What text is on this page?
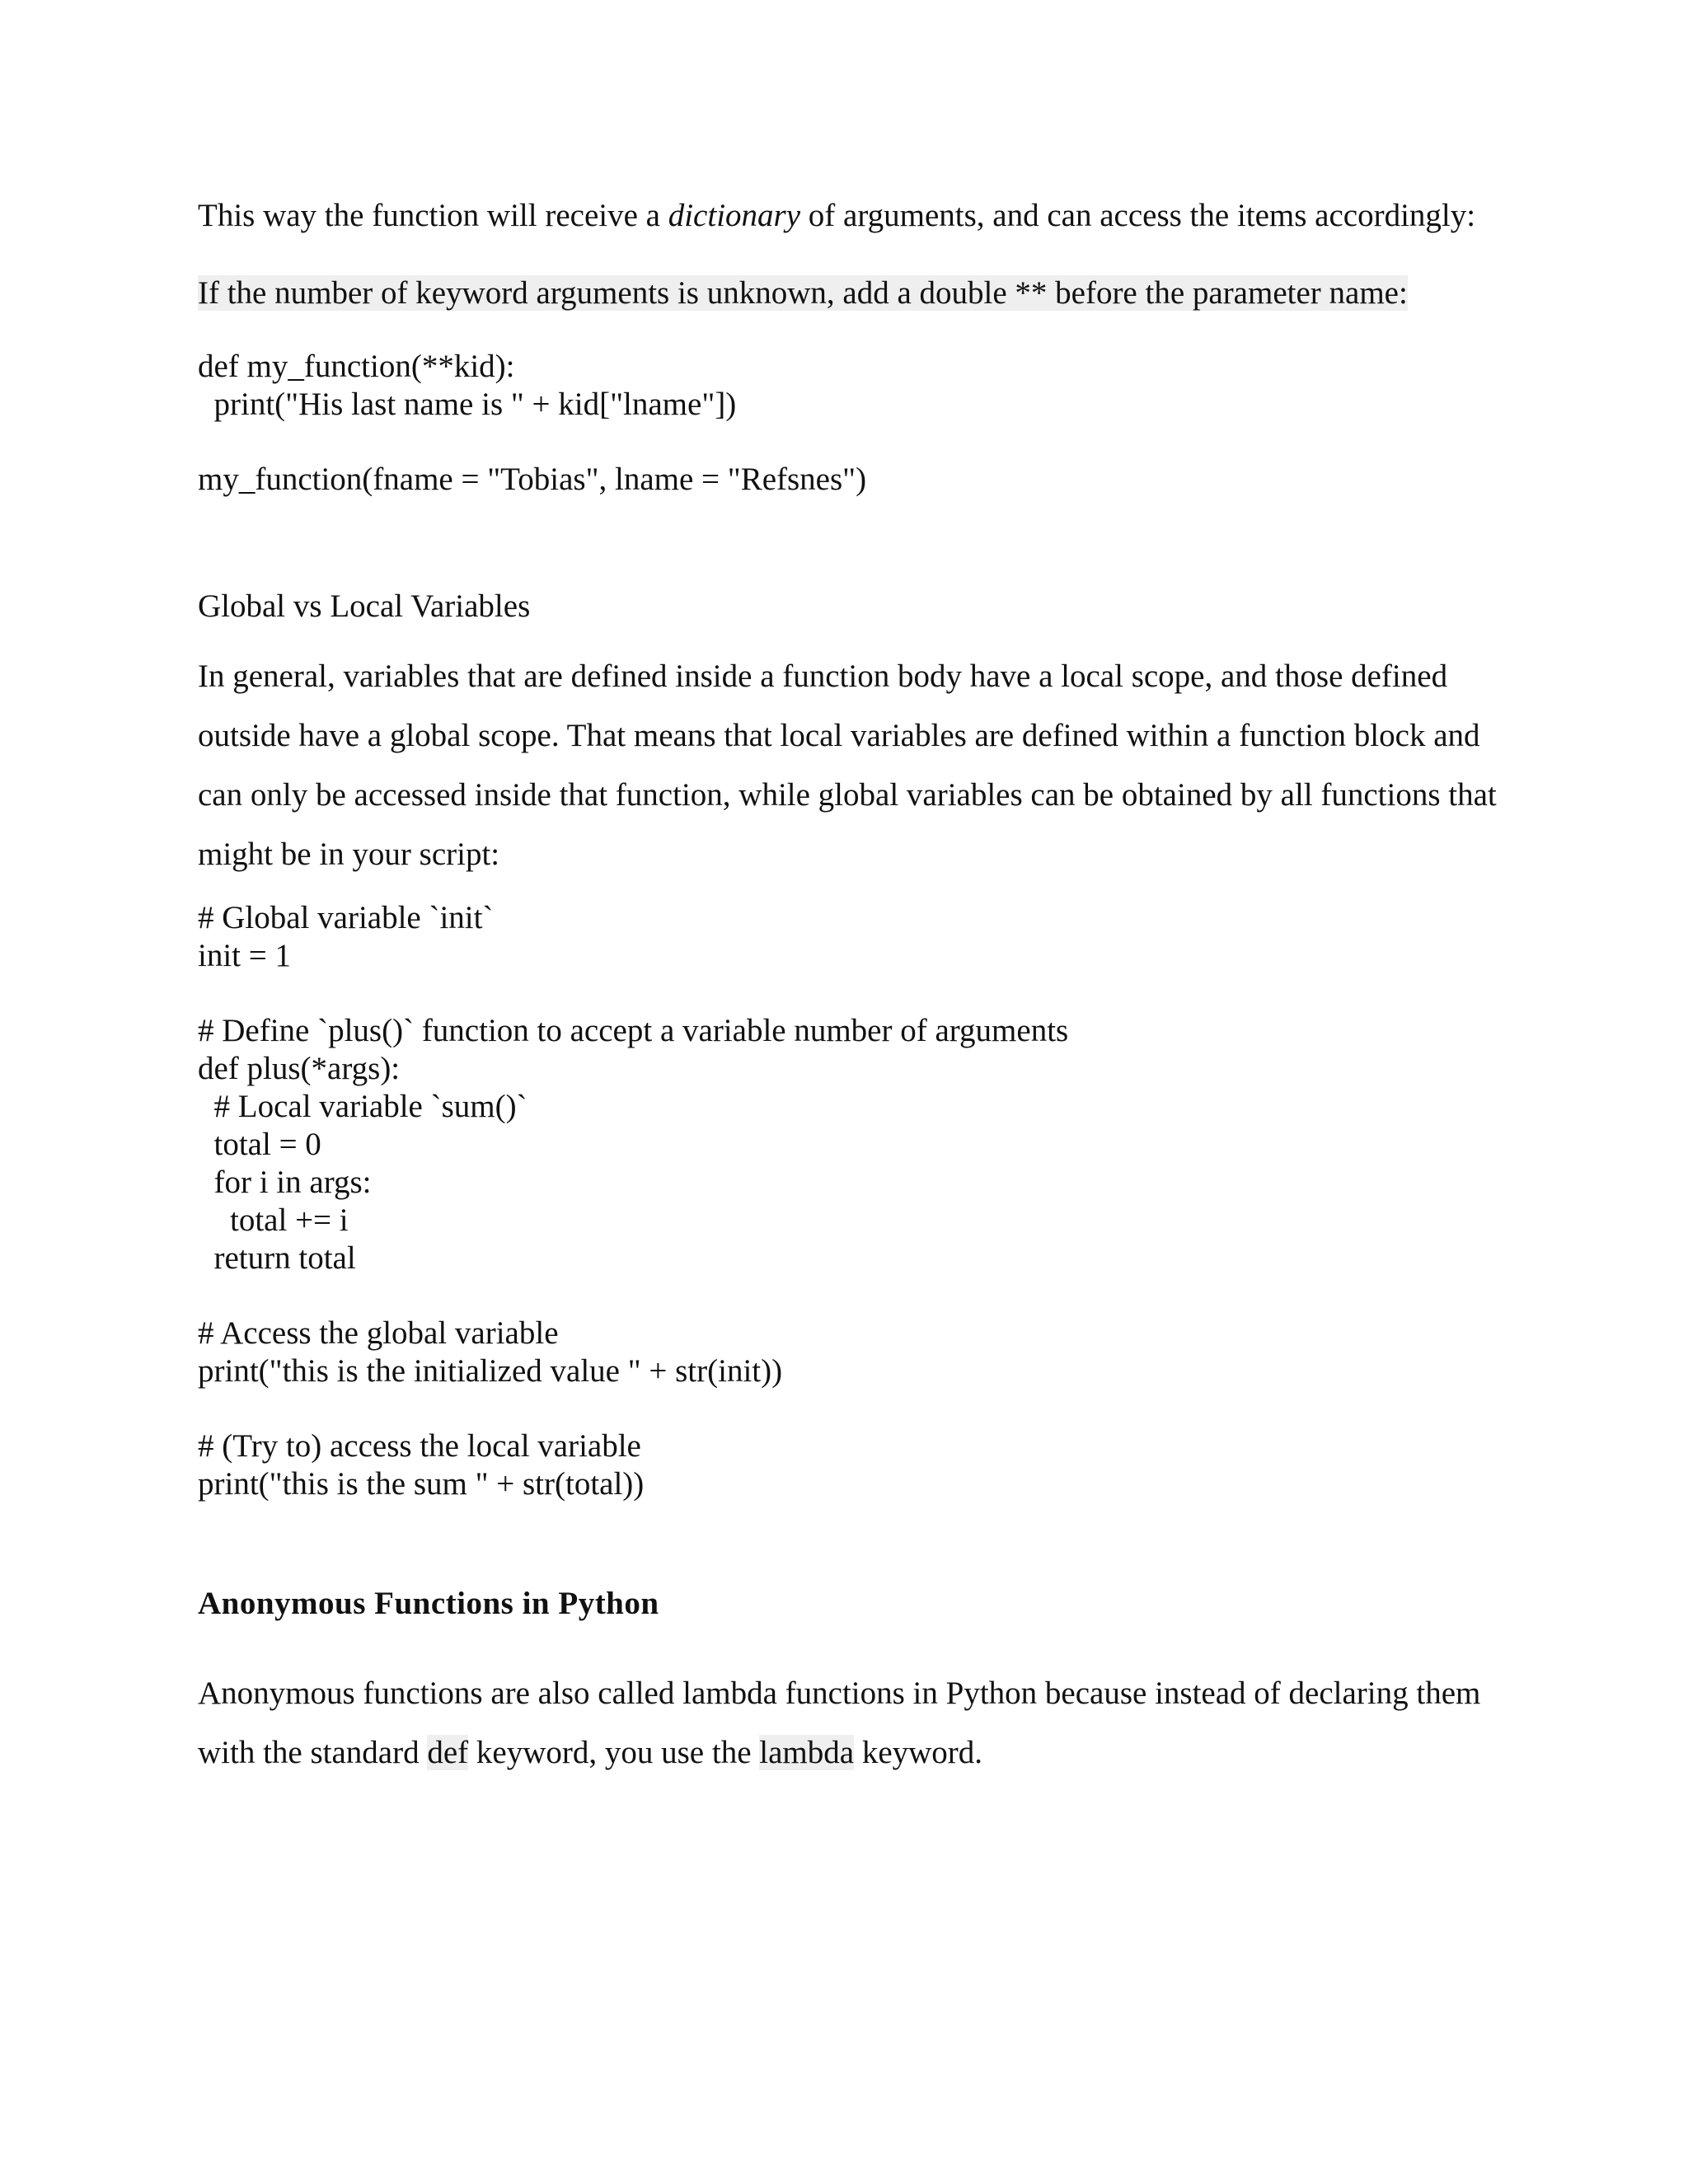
This way the function will receive a dictionary of arguments, and can access the items accordingly:

If the number of keyword arguments is unknown, add a double ** before the parameter name:

def my_function(**kid):
print("His last name is " + kid["lname"])
my_function(fname = "Tobias", lname = "Refsnes")
Global vs Local Variables

In general, variables that are defined inside a function body have a local scope, and those defined outside have a global scope. That means that local variables are defined within a function block and can only be accessed inside that function, while global variables can be obtained by all functions that might be in your script:

# Global variable `init`
init = 1
# Define `plus()` function to accept a variable number of arguments
def plus(*args):
# Local variable `sum()`
total = 0
for i in args:
total += i
return total
# Access the global variable
print("this is the initialized value " + str(init))
# (Try to) access the local variable
print("this is the sum " + str(total))
Anonymous Functions in Python

Anonymous functions are also called lambda functions in Python because instead of declaring them with the standard def keyword, you use the lambda keyword.
